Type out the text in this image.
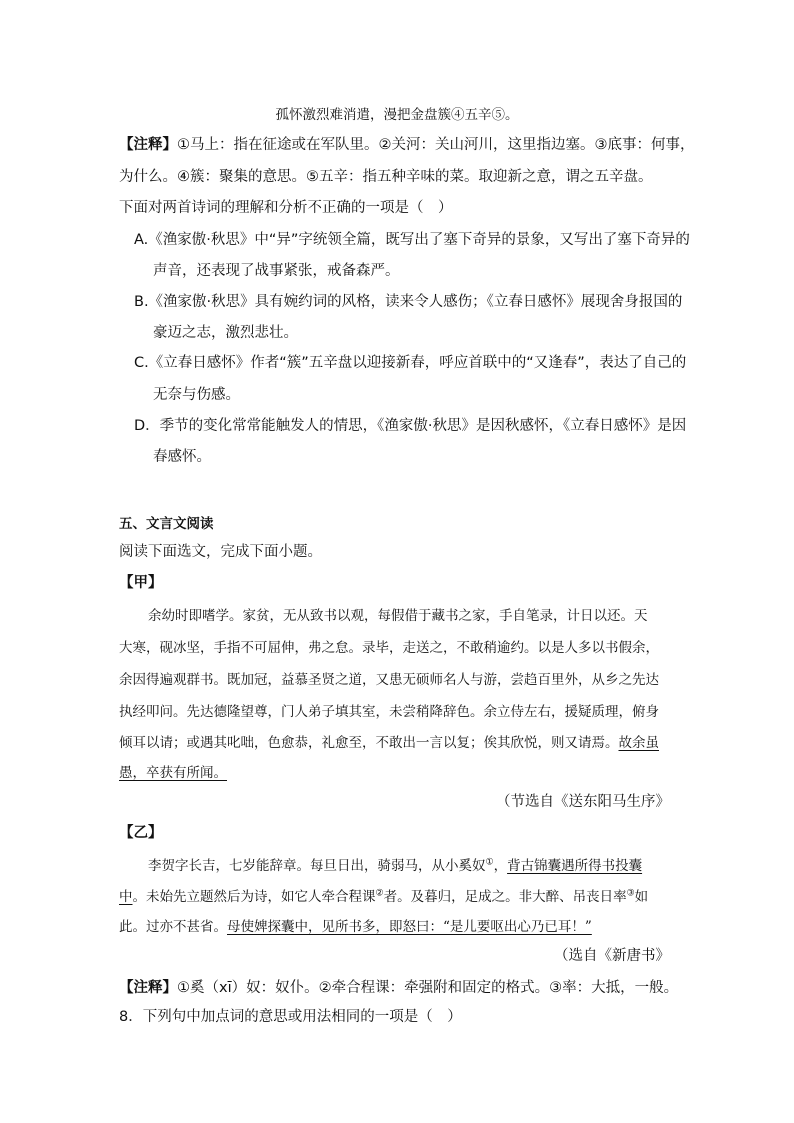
孤怀激烈难消遣，漫把金盘簇④五辛⑤。
【注释】①马上：指在征途或在军队里。②关河：关山河川，这里指边塞。③底事：何事，
为什么。④簇：聚集的意思。⑤五辛：指五种辛味的菜。取迎新之意，谓之五辛盘。
下面对两首诗词的理解和分析不正确的一项是（　）
A.《渔家傲·秋思》中“异”字统领全篇，既写出了塞下奇异的景象，又写出了塞下奇异的
声音，还表现了战事紧张，戒备森严。
B.《渔家傲·秋思》具有婉约词的风格，读来令人感伤；《立春日感怀》展现舍身报国的
豪迈之志，激烈悲壮。
C.《立春日感怀》作者“簇”五辛盘以迎接新春，呼应首联中的“又逢春”，表达了自己的
无奈与伤感。
D．季节的变化常常能触发人的情思，《渔家傲·秋思》是因秋感怀，《立春日感怀》是因
春感怀。
五、文言文阅读
阅读下面选文，完成下面小题。
【甲】
余幼时即嗜学。家贫，无从致书以观，每假借于藏书之家，手自笔录，计日以还。天
大寒，砚冰坚，手指不可屈伸，弗之怠。录毕，走送之，不敢稍逾约。以是人多以书假余，
余因得遍观群书。既加冠，益慕圣贤之道，又患无硕师名人与游，尝趋百里外，从乡之先达
执经叩问。先达德隆望尊，门人弟子填其室，未尝稍降辞色。余立侍左右，援疑质理，俯身
倾耳以请；或遇其叱咄，色愈恭，礼愈至，不敢出一言以复；俟其欣悦，则又请焉。故余虽
愚，卒获有所闻。
（节选自《送东阳马生序》
【乙】
李贺字长吉，七岁能辞章。每旦日出，骑弱马，从小奚奴①，背古锦囊遇所得书投囊
中。未始先立题然后为诗，如它人牵合程课②者。及暮归，足成之。非大醉、吊丧日率③如
此。过亦不甚省。母使婢探囊中，见所书多，即怒曰：“是儿要呕出心乃已耳！”
（选自《新唐书》
【注释】①奚（xī）奴：奴仆。②牵合程课：牵强附和固定的格式。③率：大抵，一般。
8．下列句中加点词的意思或用法相同的一项是（　）
